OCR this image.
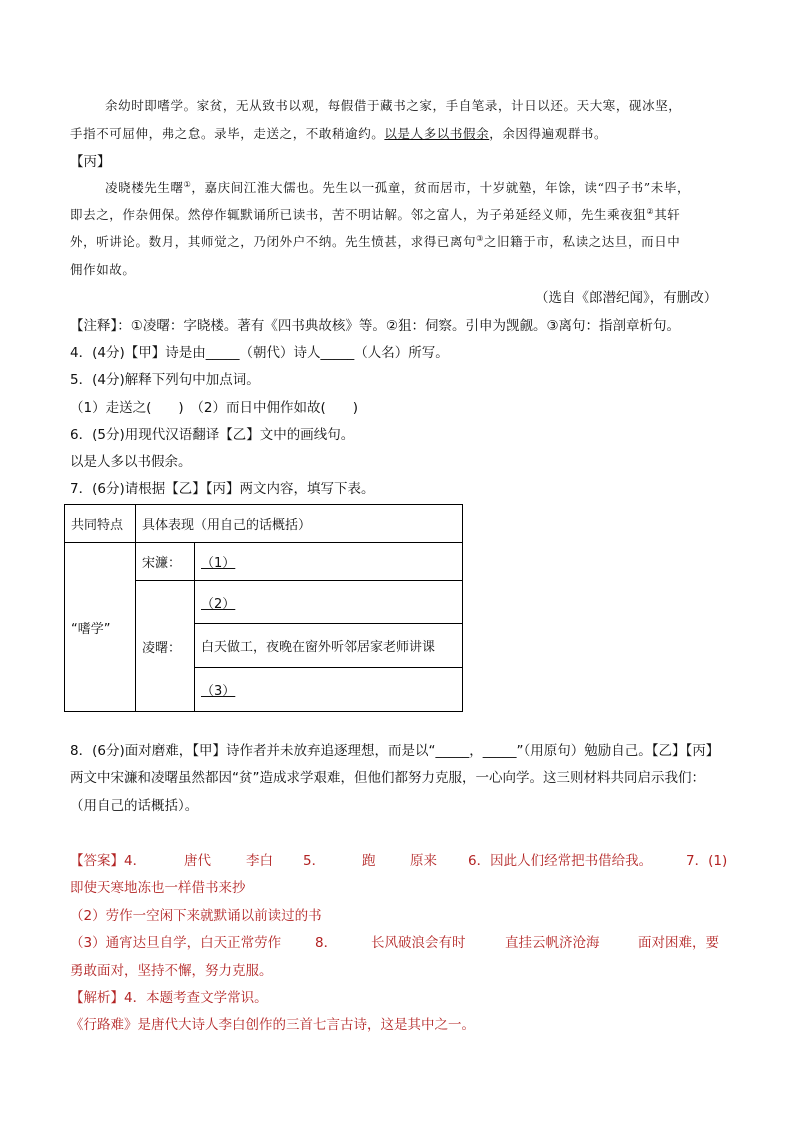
余幼时即嗜学。家贫，无从致书以观，每假借于藏书之家，手自笔录，计日以还。天大寒，砚冰坚，
手指不可屈伸，弗之怠。录毕，走送之，不敢稍逾约。以是人多以书假余，余因得遍观群书。
【丙】
凌晓楼先生曙①，嘉庆间江淮大儒也。先生以一孤童，贫而居市，十岁就塾，年馀，读“四子书”未毕，
即去之，作杂佣保。然停作辄默诵所已读书，苦不明诂解。邻之富人，为子弟延经义师，先生乘夜狙②其轩
外，听讲论。数月，其师觉之，乃闭外户不纳。先生愤甚，求得已离句③之旧籍于市，私读之达旦，而日中
佣作如故。
（选自《郎潜纪闻》，有删改）
【注释】：①凌曙：字晓楼。著有《四书典故核》等。②狙：伺察。引申为觊觎。③离句：指剖章析句。
4．(4分)【甲】诗是由_____（朝代）诗人_____（人名）所写。
5．(4分)解释下列句中加点词。
（1）走送之(　　)　（2）而日中佣作如故(　　)
6．(5分)用现代汉语翻译【乙】文中的画线句。
以是人多以书假余。
7．(6分)请根据【乙】【丙】两文内容，填写下表。
共同特点	具体表现（用自己的话概括）	
“嗜学”	宋濂：	（1）
	凌曙：	（2）
		白天做工，夜晚在窗外听邻居家老师讲课
		（3）
8．(6分)面对磨难，【甲】诗作者并未放弃追逐理想，而是以“_____，_____”（用原句）勉励自己。【乙】【丙】
两文中宋濂和凌曙虽然都因“贫”造成求学艰难，但他们都努力克服，一心向学。这三则材料共同启示我们：
（用自己的话概括）。
【答案】4．	唐代	李白 5．	跑	原来 6．因此人们经常把书借给我。	7．(1)
即使天寒地冻也一样借书来抄
（2）劳作一空闲下来就默诵以前读过的书
（3）通宵达旦自学，白天正常劳作	8．	长风破浪会有时	直挂云帆济沧海	面对困难，要
勇敢面对，坚持不懈，努力克服。
【解析】4．本题考查文学常识。
《行路难》是唐代大诗人李白创作的三首七言古诗，这是其中之一。
